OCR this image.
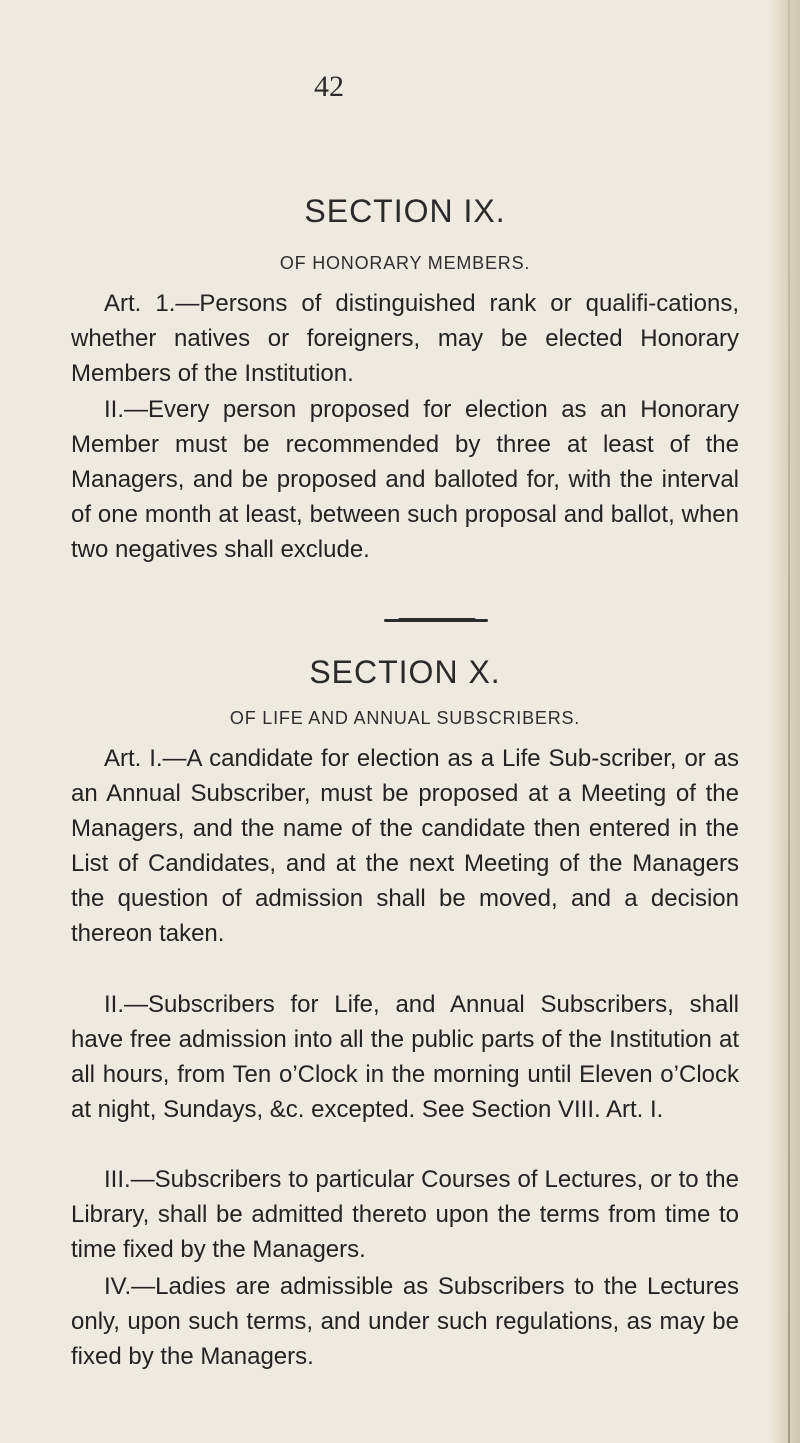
42
SECTION IX.
OF HONORARY MEMBERS.

Art. 1.—Persons of distinguished rank or qualifi-cations, whether natives or foreigners, may be elected Honorary Members of the Institution.

II.—Every person proposed for election as an Honorary Member must be recommended by three at least of the Managers, and be proposed and balloted for, with the interval of one month at least, between such proposal and ballot, when two negatives shall exclude.

SECTION X.
OF LIFE AND ANNUAL SUBSCRIBERS.

Art. I.—A candidate for election as a Life Sub-scriber, or as an Annual Subscriber, must be proposed at a Meeting of the Managers, and the name of the candidate then entered in the List of Candidates, and at the next Meeting of the Managers the question of admission shall be moved, and a decision thereon taken.

II.—Subscribers for Life, and Annual Subscribers, shall have free admission into all the public parts of the Institution at all hours, from Ten o’Clock in the morning until Eleven o’Clock at night, Sundays, &c. excepted. See Section VIII. Art. I.

III.—Subscribers to particular Courses of Lectures, or to the Library, shall be admitted thereto upon the terms from time to time fixed by the Managers.

IV.—Ladies are admissible as Subscribers to the Lectures only, upon such terms, and under such regulations, as may be fixed by the Managers.
